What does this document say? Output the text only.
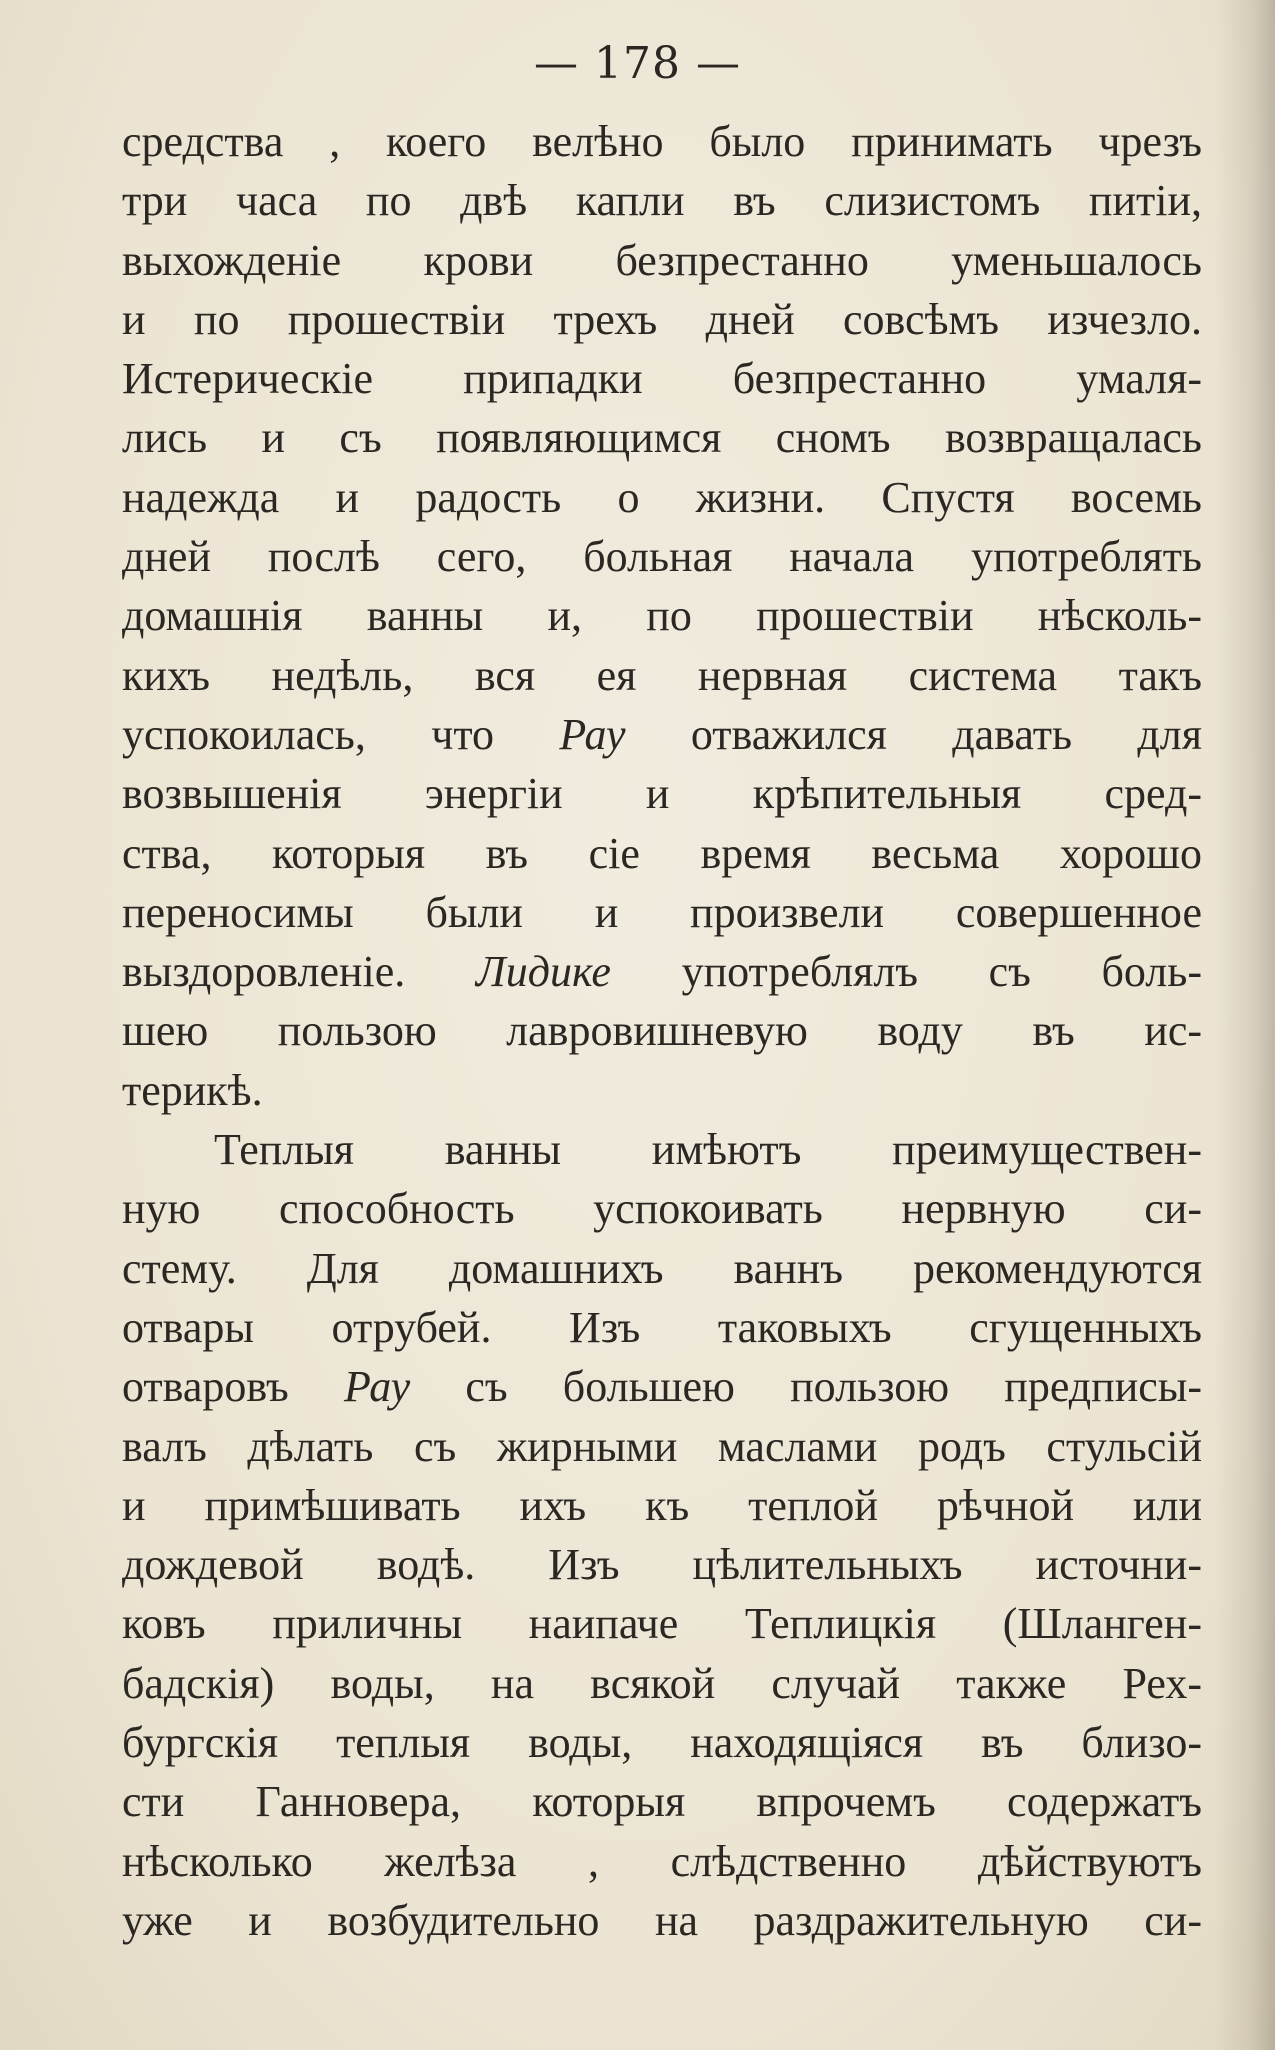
— 178 —
средства , коего велѣно было принимать чрезъ
три часа по двѣ капли въ слизистомъ питіи,
выхожденіе крови безпрестанно уменьшалось
и по прошествіи трехъ дней совсѣмъ изчезло.
Истерическіе припадки безпрестанно умаля-
лись и съ появляющимся сномъ возвращалась
надежда и радость о жизни. Спустя восемь
дней послѣ сего, больная начала употреблять
домашнія ванны и, по прошествіи нѣсколь-
кихъ недѣль, вся ея нервная система такъ
успокоилась, что Рау отважился давать для
возвышенія энергіи и крѣпительныя сред-
ства, которыя въ сіе время весьма хорошо
переносимы были и произвели совершенное
выздоровленіе. Лидике употреблялъ съ боль-
шею пользою лавровишневую воду въ ис-
терикѣ.
Теплыя ванны имѣютъ преимуществен-
ную способность успокоивать нервную си-
стему. Для домашнихъ ваннъ рекомендуются
отвары отрубей. Изъ таковыхъ сгущенныхъ
отваровъ Рау съ большею пользою предписы-
валъ дѣлать съ жирными маслами родъ стульсій
и примѣшивать ихъ къ теплой рѣчной или
дождевой водѣ. Изъ цѣлительныхъ источни-
ковъ приличны наипаче Теплицкія (Шланген-
бадскія) воды, на всякой случай также Рех-
бургскія теплыя воды, находящіяся въ близо-
сти Ганновера, которыя впрочемъ содержатъ
нѣсколько желѣза , слѣдственно дѣйствуютъ
уже и возбудительно на раздражительную си-
